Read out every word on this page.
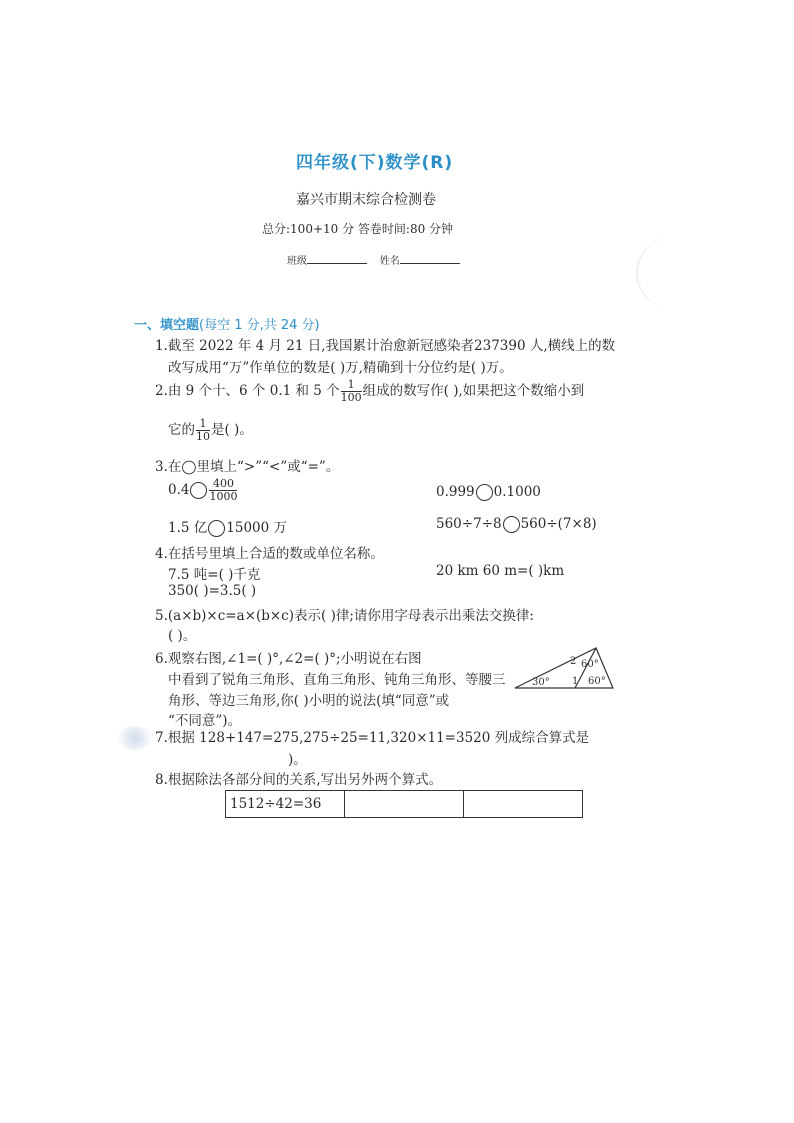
四年级(下)数学(R)
嘉兴市期末综合检测卷
总分:100+10 分 答卷时间:80 分钟
班级	姓名
一、填空题(每空 1 分,共 24 分)
1.截至 2022 年 4 月 21 日,我国累计治愈新冠感染者237390 人,横线上的数
改写成用“万”作单位的数是( )万,精确到十分位约是( )万。
2.由 9 个十、6 个 0.1 和 5 个 $\frac{1}{100}$ 组成的数写作( ),如果把这个数缩小到
它的 $\frac{1}{10}$ 是( )。
3.在◯里填上“>”“<”或“=”。
$0.4 \frac{400}{1000}$	0.999 0.1000
1.5 亿 15000 万	560÷7÷8 560÷(7×8)
4.在括号里填上合适的数或单位名称。
7.5 吨=( )千克	20 km 60 m=( )km
350( )=3.5( )
5.(a×b)×c=a×(b×c)表示( )律;请你用字母表示出乘法交换律:
( )。
6.观察右图,∠1=( )°,∠2=( )°;小明说在右图
中看到了锐角三角形、直角三角形、钝角三角形、等腰三
角形、等边三角形,你( )小明的说法(填“同意”或
“不同意”)。
30°	60°
60°
2
1
7.根据 128+147=275,275÷25=11,320×11=3520 列成综合算式是
)。
8.根据除法各部分间的关系,写出另外两个算式。
1512÷42=36		
